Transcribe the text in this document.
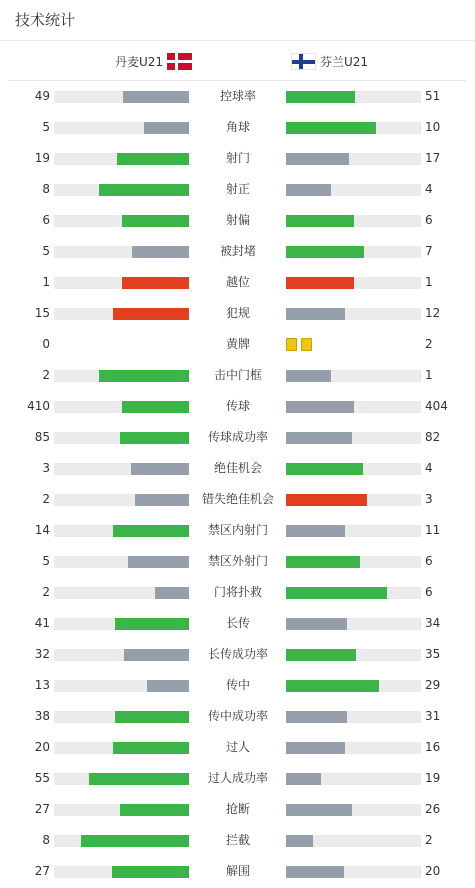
技术统计
丹麦U21	芬兰U21
49	控球率	51
5	角球	10
19	射门	17
8	射正	4
6	射偏	6
5	被封堵	7
1	越位	1
15	犯规	12
0	黄牌	2
2	击中门框	1
410	传球	404
85	传球成功率	82
3	绝佳机会	4
2	错失绝佳机会	3
14	禁区内射门	11
5	禁区外射门	6
2	门将扑救	6
41	长传	34
32	长传成功率	35
13	传中	29
38	传中成功率	31
20	过人	16
55	过人成功率	19
27	抢断	26
8	拦截	2
27	解围	20
